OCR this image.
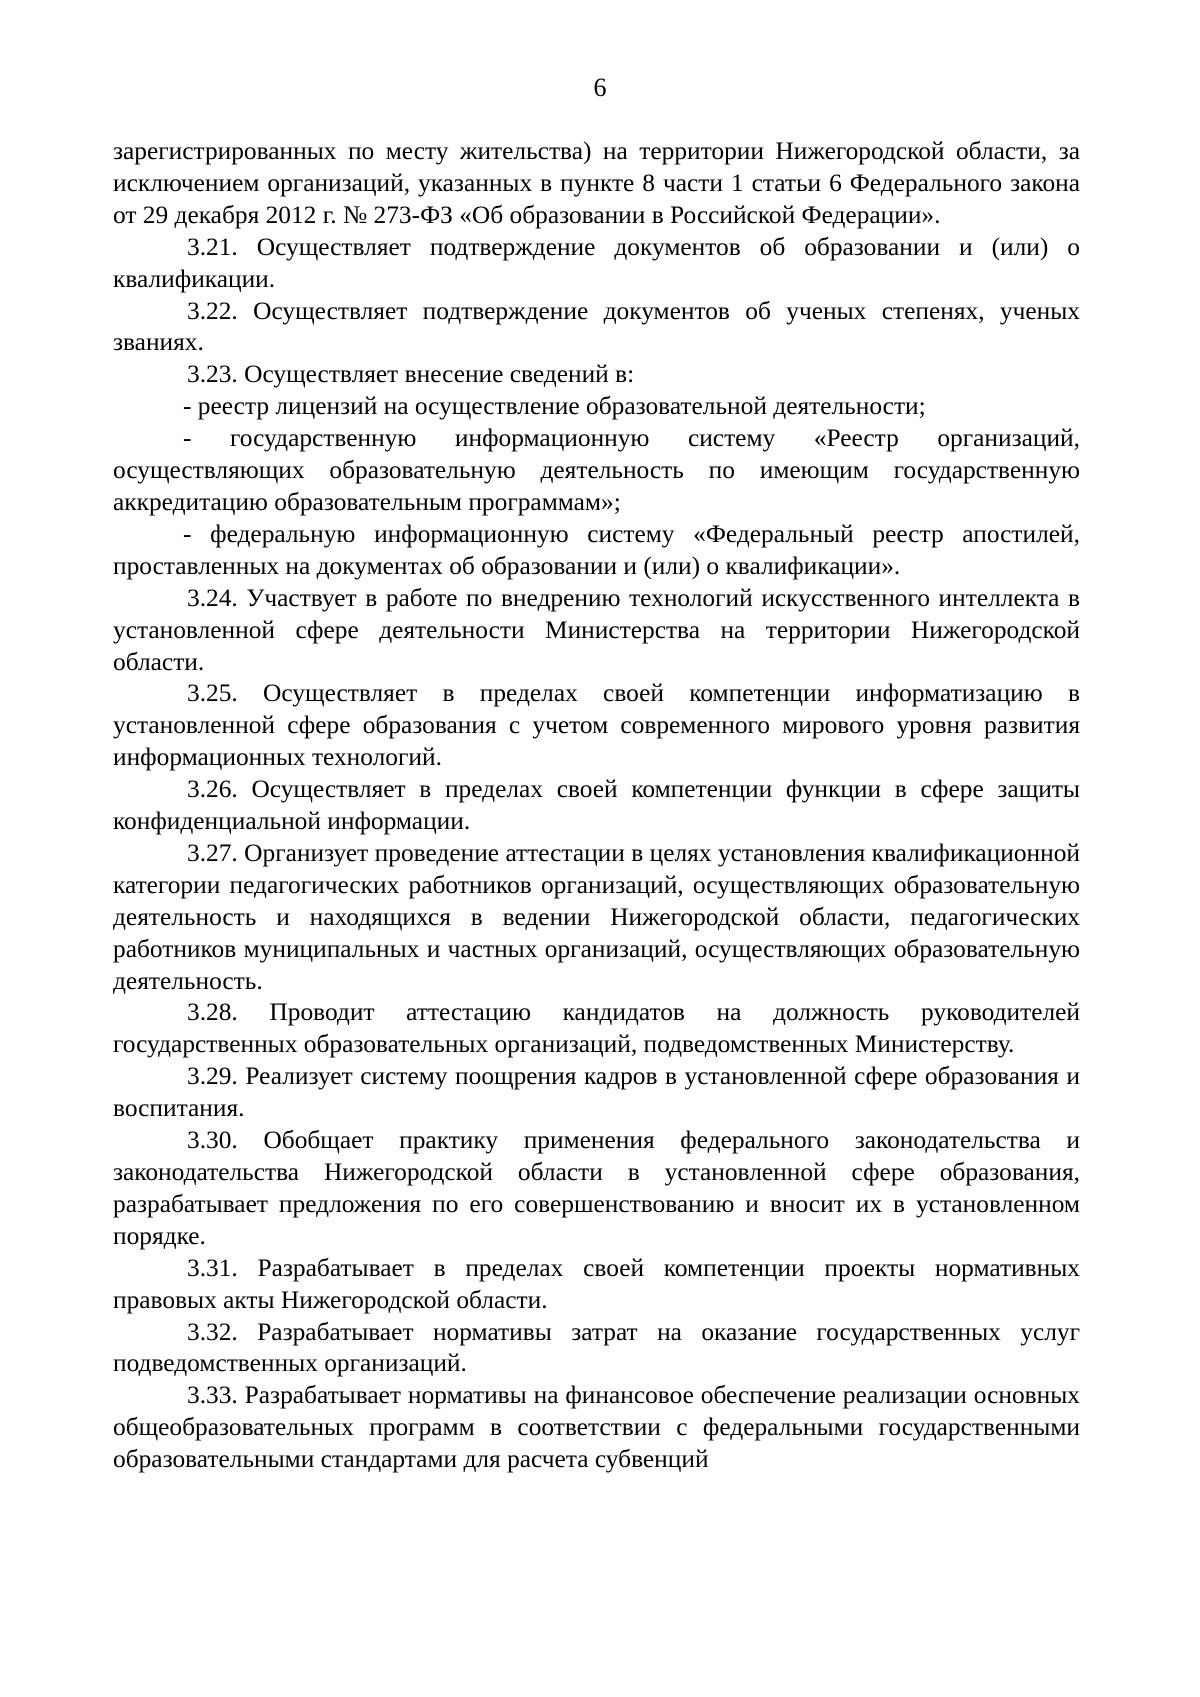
6

зарегистрированных по месту жительства) на территории Нижегородской области, за исключением организаций, указанных в пункте 8 части 1 статьи 6 Федерального закона от 29 декабря 2012 г. № 273-ФЗ «Об образовании в Российской Федерации».

3.21. Осуществляет подтверждение документов об образовании и (или) о квалификации.

3.22. Осуществляет подтверждение документов об ученых степенях, ученых званиях.

3.23. Осуществляет внесение сведений в:

- реестр лицензий на осуществление образовательной деятельности;

- государственную информационную систему «Реестр организаций, осуществляющих образовательную деятельность по имеющим государственную аккредитацию образовательным программам»;

- федеральную информационную систему «Федеральный реестр апостилей, проставленных на документах об образовании и (или) о квалификации».

3.24. Участвует в работе по внедрению технологий искусственного интеллекта в установленной сфере деятельности Министерства на территории Нижегородской области.

3.25. Осуществляет в пределах своей компетенции информатизацию в установленной сфере образования с учетом современного мирового уровня развития информационных технологий.

3.26. Осуществляет в пределах своей компетенции функции в сфере защиты конфиденциальной информации.

3.27. Организует проведение аттестации в целях установления квалификационной категории педагогических работников организаций, осуществляющих образовательную деятельность и находящихся в ведении Нижегородской области, педагогических работников муниципальных и частных организаций, осуществляющих образовательную деятельность.

3.28. Проводит аттестацию кандидатов на должность руководителей государственных образовательных организаций, подведомственных Министерству.

3.29. Реализует систему поощрения кадров в установленной сфере образования и воспитания.

3.30. Обобщает практику применения федерального законодательства и законодательства Нижегородской области в установленной сфере образования, разрабатывает предложения по его совершенствованию и вносит их в установленном порядке.

3.31. Разрабатывает в пределах своей компетенции проекты нормативных правовых акты Нижегородской области.

3.32. Разрабатывает нормативы затрат на оказание государственных услуг подведомственных организаций.

3.33. Разрабатывает нормативы на финансовое обеспечение реализации основных общеобразовательных программ в соответствии с федеральными государственными образовательными стандартами для расчета субвенций
